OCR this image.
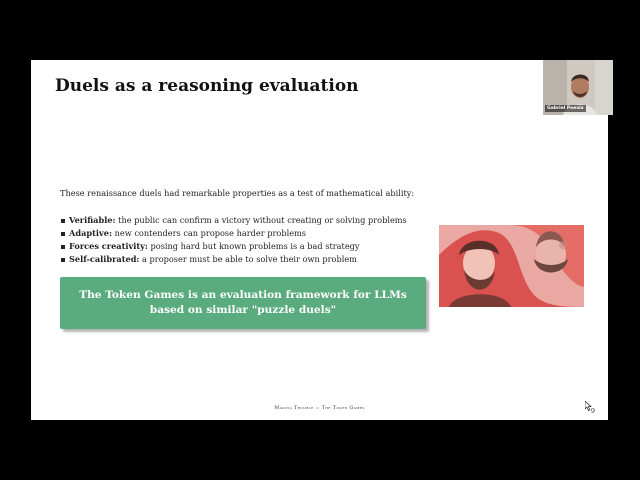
Duels as a reasoning evaluation
These renaissance duels had remarkable properties as a test of mathematical ability:
Verifiable: the public can confirm a victory without creating or solving problems
Adaptive: new contenders can propose harder problems
Forces creativity: posing hard but known problems is a bad strategy
Self-calibrated: a proposer must be able to solve their own problem
The Token Games is an evaluation framework for LLMs based on similar "puzzle duels"
Making Trouble :: The Token Games	9
Gabriel Poesia
